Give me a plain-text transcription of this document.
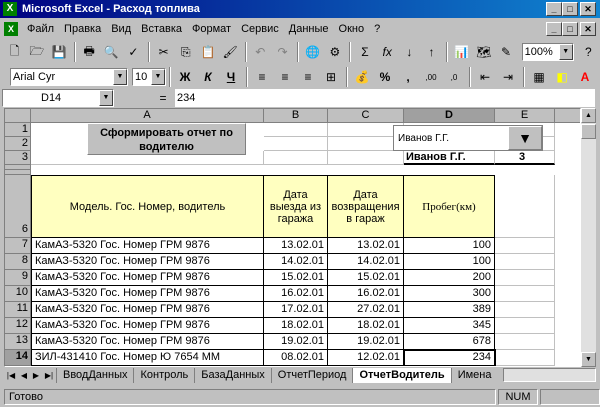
X Microsoft Excel - Расход топлива	_	□	✕
X	Файл Правка Вид Вставка Формат Сервис Данные Окно ?	_	□	✕
🗋 🗁 💾	🖶 🔍 ✓	✂	⎘ 📋 🖌	↶	↷	🌐 ⚙	Σ	fx	↓	↑	📊 🗺 ✎	100%	▼	?
Arial Cyr	▼	10	▼	Ж	К	Ч	≡	≡	≡	⊞	💰 %	,	,00	,0	⇤	⇥	▦ ◧	A
D14	▼	= 234
A	B	C	D	E
1
2
3
6
7
8
9
10
11
12
13
14
Сформировать отчет по водителю
Иванов Г.Г.	▼
Иванов Г.Г.	3
Модель. Гос. Номер, водитель
Дата выезда из гаража
Дата возвращения в гараж
Пробег(км)
КамАЗ-5320 Гос. Номер ГРМ 9876	13.02.01	13.02.01	100
КамАЗ-5320 Гос. Номер ГРМ 9876	14.02.01	14.02.01	100
КамАЗ-5320 Гос. Номер ГРМ 9876	15.02.01	15.02.01	200
КамАЗ-5320 Гос. Номер ГРМ 9876	16.02.01	16.02.01	300
КамАЗ-5320 Гос. Номер ГРМ 9876	17.02.01	27.02.01	389
КамАЗ-5320 Гос. Номер ГРМ 9876	18.02.01	18.02.01	345
КамАЗ-5320 Гос. Номер ГРМ 9876	19.02.01	19.02.01	678
ЗИЛ-431410 Гос. Номер Ю 7654 ММ	08.02.01	12.02.01	234
▲
▼
|◀ ◀ ▶ ▶| ВводДанных	Контроль	БазаДанных	ОтчетПериод	ОтчетВодитель	Имена
Готово	NUM
